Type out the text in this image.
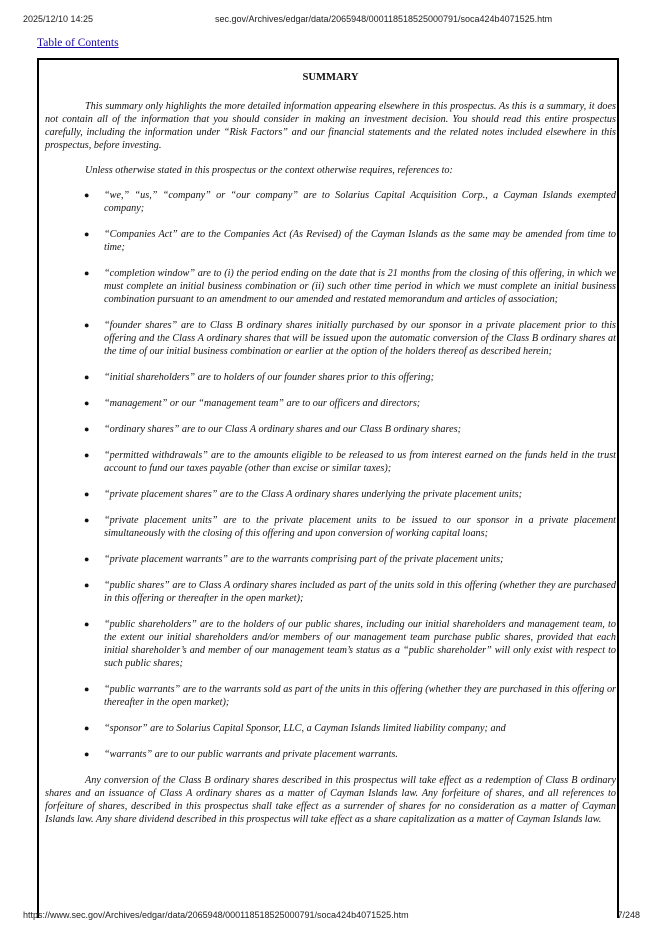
2025/12/10 14:25	sec.gov/Archives/edgar/data/2065948/000118518525000791/soca424b4071525.htm
Table of Contents
SUMMARY

This summary only highlights the more detailed information appearing elsewhere in this prospectus. As this is a summary, it does not contain all of the information that you should consider in making an investment decision. You should read this entire prospectus carefully, including the information under “Risk Factors” and our financial statements and the related notes included elsewhere in this prospectus, before investing.

Unless otherwise stated in this prospectus or the context otherwise requires, references to:

● “we,” “us,” “company” or “our company” are to Solarius Capital Acquisition Corp., a Cayman Islands exempted company;
● “Companies Act” are to the Companies Act (As Revised) of the Cayman Islands as the same may be amended from time to time;
● “completion window” are to (i) the period ending on the date that is 21 months from the closing of this offering, in which we must complete an initial business combination or (ii) such other time period in which we must complete an initial business combination pursuant to an amendment to our amended and restated memorandum and articles of association;
● “founder shares” are to Class B ordinary shares initially purchased by our sponsor in a private placement prior to this offering and the Class A ordinary shares that will be issued upon the automatic conversion of the Class B ordinary shares at the time of our initial business combination or earlier at the option of the holders thereof as described herein;
● “initial shareholders” are to holders of our founder shares prior to this offering;
● “management” or our “management team” are to our officers and directors;
● “ordinary shares” are to our Class A ordinary shares and our Class B ordinary shares;
● “permitted withdrawals” are to the amounts eligible to be released to us from interest earned on the funds held in the trust account to fund our taxes payable (other than excise or similar taxes);
● “private placement shares” are to the Class A ordinary shares underlying the private placement units;
● “private placement units” are to the private placement units to be issued to our sponsor in a private placement simultaneously with the closing of this offering and upon conversion of working capital loans;
● “private placement warrants” are to the warrants comprising part of the private placement units;
● “public shares” are to Class A ordinary shares included as part of the units sold in this offering (whether they are purchased in this offering or thereafter in the open market);
● “public shareholders” are to the holders of our public shares, including our initial shareholders and management team, to the extent our initial shareholders and/or members of our management team purchase public shares, provided that each initial shareholder’s and member of our management team’s status as a “public shareholder” will only exist with respect to such public shares;
● “public warrants” are to the warrants sold as part of the units in this offering (whether they are purchased in this offering or thereafter in the open market);
● “sponsor” are to Solarius Capital Sponsor, LLC, a Cayman Islands limited liability company; and
● “warrants” are to our public warrants and private placement warrants.

Any conversion of the Class B ordinary shares described in this prospectus will take effect as a redemption of Class B ordinary shares and an issuance of Class A ordinary shares as a matter of Cayman Islands law. Any forfeiture of shares, and all references to forfeiture of shares, described in this prospectus shall take effect as a surrender of shares for no consideration as a matter of Cayman Islands law. Any share dividend described in this prospectus will take effect as a share capitalization as a matter of Cayman Islands law.

https://www.sec.gov/Archives/edgar/data/2065948/000118518525000791/soca424b4071525.htm	7/248
